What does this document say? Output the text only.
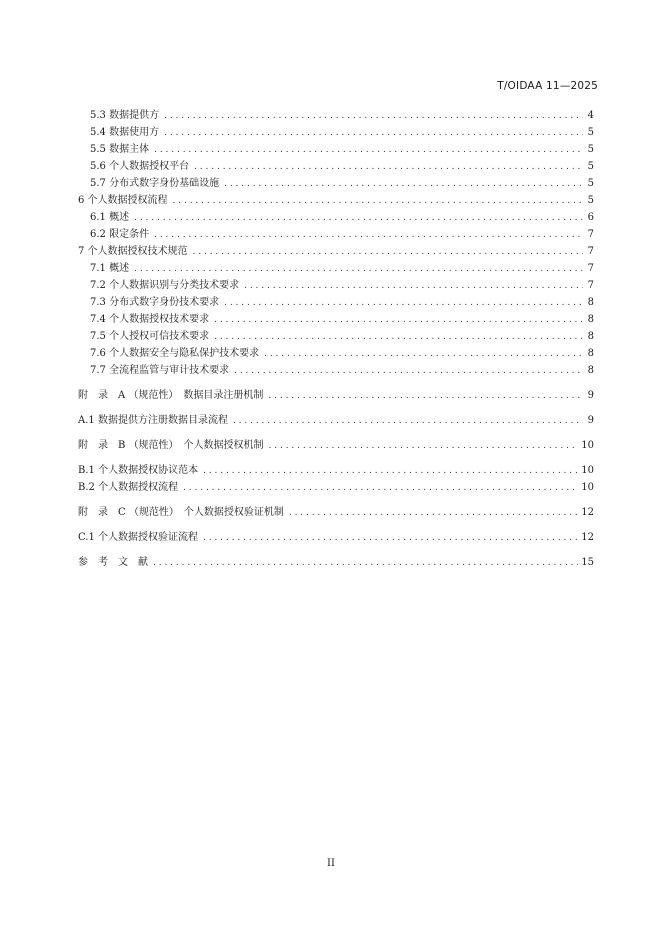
T/OIDAA 11—2025
5.3 数据提供方 . . .	4
5.4 数据使用方 . . .	5
5.5 数据主体 . . .	5
5.6 个人数据授权平台 . . .	5
5.7 分布式数字身份基础设施 . . .	5
6 个人数据授权流程 . . .	5
6.1 概述 . . .	6
6.2 限定条件 . . .	7
7 个人数据授权技术规范 . . .	7
7.1 概述 . . .	7
7.2 个人数据识别与分类技术要求 . . .	7
7.3 分布式数字身份技术要求 . . .	8
7.4 个人数据授权技术要求 . . .	8
7.5 个人授权可信技术要求 . . .	8
7.6 个人数据安全与隐私保护技术要求 . . .	8
7.7 全流程监管与审计技术要求 . . .	8
附　录　A （规范性）　数据目录注册机制 . . .	9
A.1 数据提供方注册数据目录流程 . . .	9
附　录　B （规范性）　个人数据授权机制 . . .	10
B.1 个人数据授权协议范本 . . .	10
B.2 个人数据授权流程 . . .	10
附　录　C （规范性）　个人数据授权验证机制 . . .	12
C.1 个人数据授权验证流程 . . .	12
参　考　文　献 . . .	15
II
